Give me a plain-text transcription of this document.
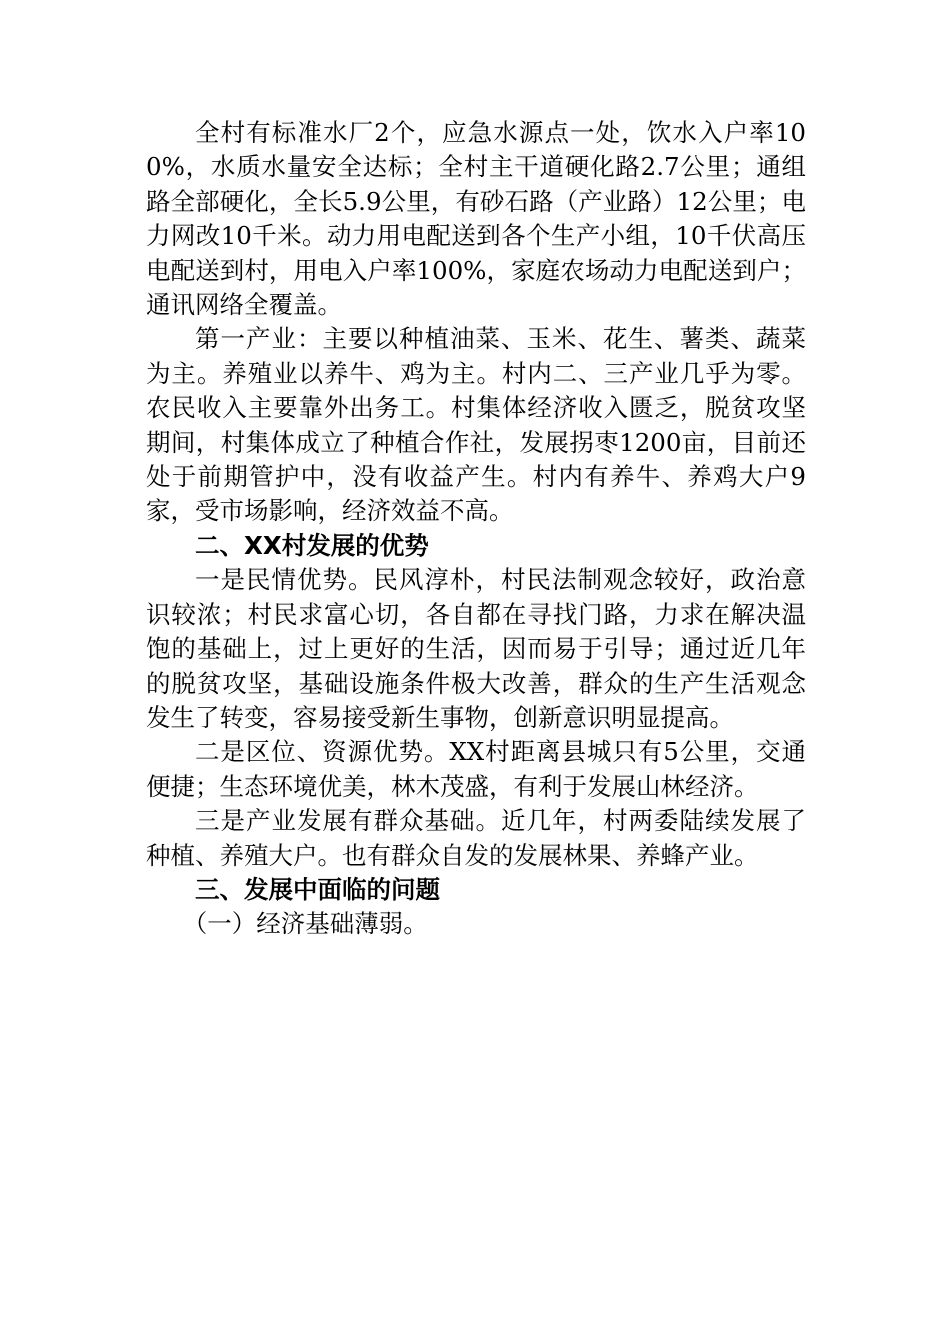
全村有标准水厂2个，应急水源点一处，饮水入户率100%，水质水量安全达标；全村主干道硬化路2.7公里；通组路全部硬化，全长5.9公里，有砂石路（产业路）12公里；电力网改10千米。动力用电配送到各个生产小组，10千伏高压电配送到村，用电入户率100%，家庭农场动力电配送到户；通讯网络全覆盖。

第一产业：主要以种植油菜、玉米、花生、薯类、蔬菜为主。养殖业以养牛、鸡为主。村内二、三产业几乎为零。农民收入主要靠外出务工。村集体经济收入匮乏，脱贫攻坚期间，村集体成立了种植合作社，发展拐枣1200亩，目前还处于前期管护中，没有收益产生。村内有养牛、养鸡大户9家，受市场影响，经济效益不高。

二、XX村发展的优势

一是民情优势。民风淳朴，村民法制观念较好，政治意识较浓；村民求富心切，各自都在寻找门路，力求在解决温饱的基础上，过上更好的生活，因而易于引导；通过近几年的脱贫攻坚，基础设施条件极大改善，群众的生产生活观念发生了转变，容易接受新生事物，创新意识明显提高。

二是区位、资源优势。XX村距离县城只有5公里，交通便捷；生态环境优美，林木茂盛，有利于发展山林经济。

三是产业发展有群众基础。近几年，村两委陆续发展了种植、养殖大户。也有群众自发的发展林果、养蜂产业。

三、发展中面临的问题

（一）经济基础薄弱。
